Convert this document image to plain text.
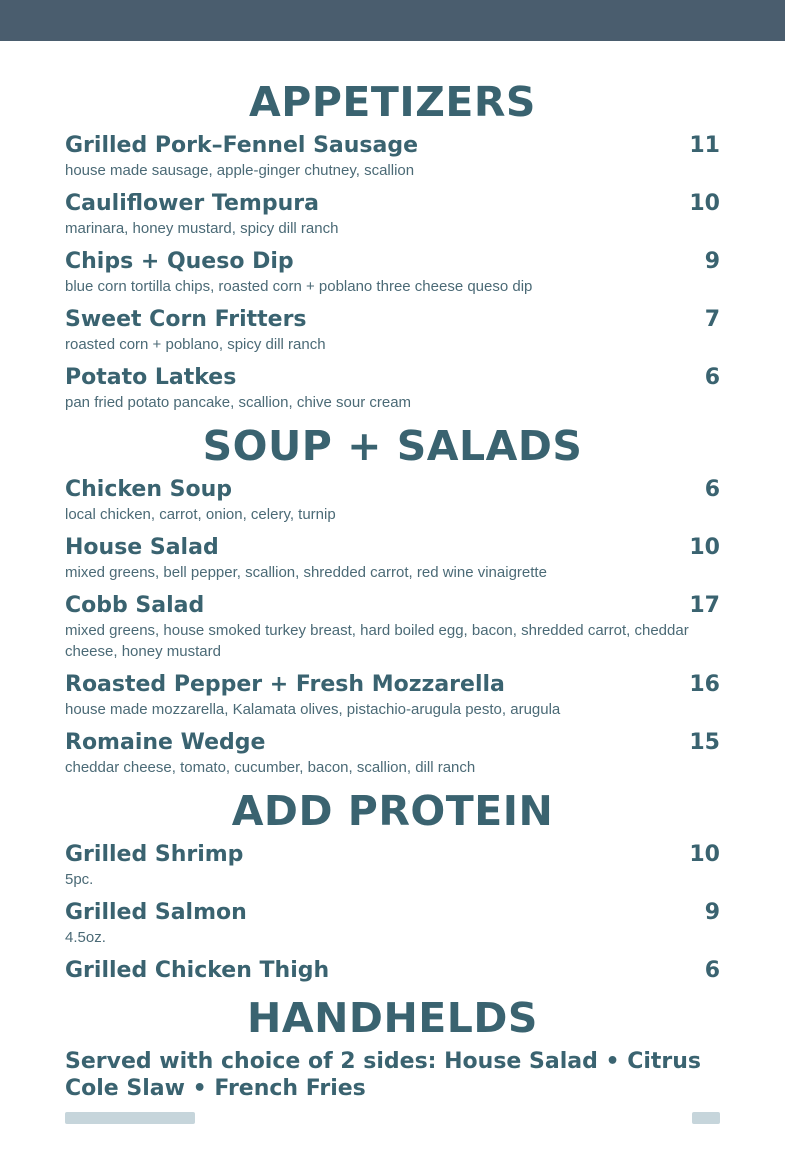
APPETIZERS
Grilled Pork–Fennel Sausage	11
house made sausage, apple-ginger chutney, scallion
Cauliflower Tempura	10
marinara, honey mustard, spicy dill ranch
Chips + Queso Dip	9
blue corn tortilla chips, roasted corn + poblano three cheese queso dip
Sweet Corn Fritters	7
roasted corn + poblano, spicy dill ranch
Potato Latkes	6
pan fried potato pancake, scallion, chive sour cream
SOUP + SALADS
Chicken Soup	6
local chicken, carrot, onion, celery, turnip
House Salad	10
mixed greens, bell pepper, scallion, shredded carrot, red wine vinaigrette
Cobb Salad	17
mixed greens, house smoked turkey breast, hard boiled egg, bacon, shredded carrot, cheddar cheese, honey mustard
Roasted Pepper + Fresh Mozzarella	16
house made mozzarella, Kalamata olives, pistachio-arugula pesto, arugula
Romaine Wedge	15
cheddar cheese, tomato, cucumber, bacon, scallion, dill ranch
ADD PROTEIN
Grilled Shrimp	10
5pc.
Grilled Salmon	9
4.5oz.
Grilled Chicken Thigh	6
HANDHELDS
Served with choice of 2 sides: House Salad • Citrus Cole Slaw • French Fries
